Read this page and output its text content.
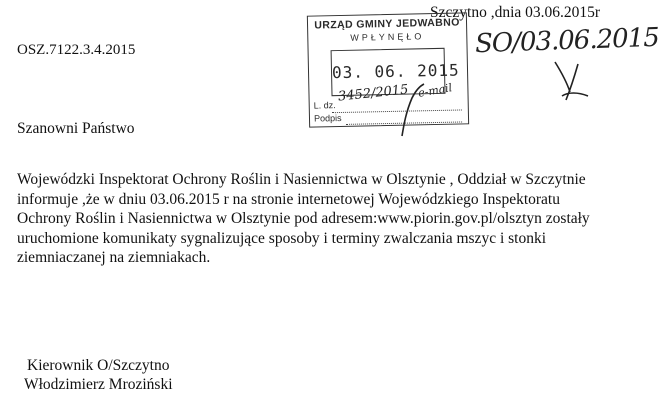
Szczytno ,dnia 03.06.2015r
OSZ.7122.3.4.2015
URZĄD GMINY JEDWABNO
WPŁYNĘŁO
03. 06. 2015
L. dz.
Podpis
3452/2015 e-mail
SO/03.06.2015
Szanowni Państwo
Wojewódzki Inspektorat Ochrony Roślin i Nasiennictwa w Olsztynie , Oddział w Szczytnie
informuje ,że w dniu 03.06.2015 r na stronie internetowej Wojewódzkiego Inspektoratu
Ochrony Roślin i Nasiennictwa w Olsztynie pod adresem:www.piorin.gov.pl/olsztyn zostały
uruchomione komunikaty sygnalizujące sposoby i terminy zwalczania mszyc i stonki
ziemniaczanej na ziemniakach.
Kierownik O/Szczytno
Włodzimierz Mroziński
